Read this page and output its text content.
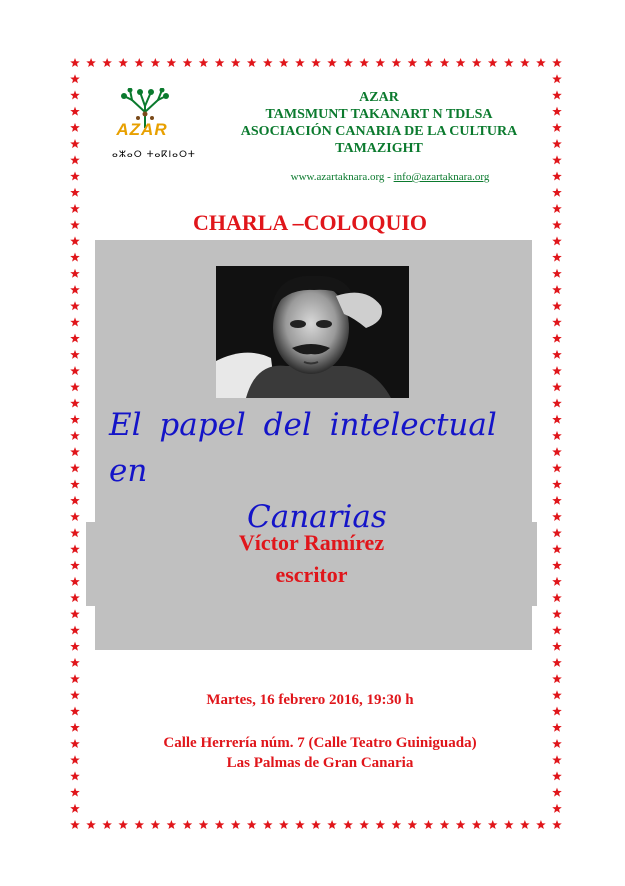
AZAR
ⴰⵣⴰⵔ ⵜⴰⴽⵏⴰⵔⵜ
AZAR
TAMSMUNT TAKANART N TDLSA
ASOCIACIÓN CANARIA DE LA CULTURA
TAMAZIGHT
www.azartaknara.org - info@azartaknara.org
CHARLA –COLOQUIO
El papel del intelectual en
Canarias
Víctor Ramírez
escritor
Martes, 16 febrero 2016, 19:30 h
Calle Herrería núm. 7 (Calle Teatro Guiniguada)
Las Palmas de Gran Canaria
